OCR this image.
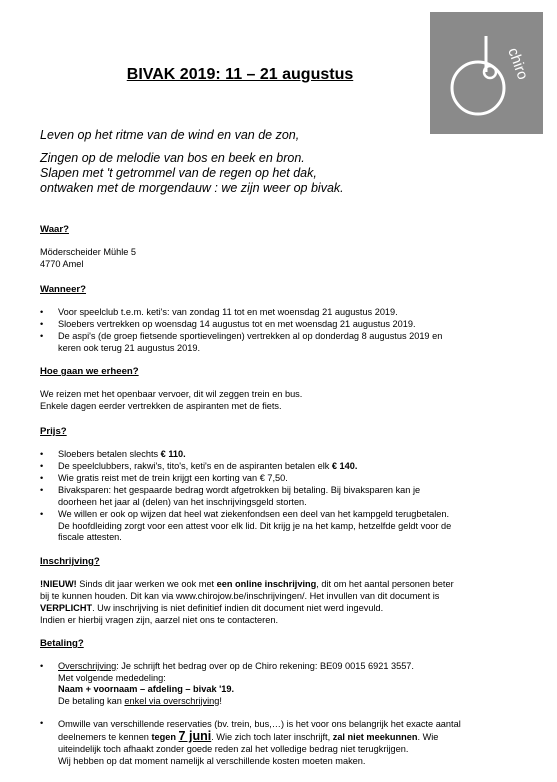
chiro
BIVAK 2019: 11 – 21 augustus
Leven op het ritme van de wind en van de zon,
Zingen op de melodie van bos en beek en bron.
Slapen met 't getrommel van de regen op het dak,
ontwaken met de morgendauw : we zijn weer op bivak.
Waar?
Möderscheider Mühle 5
4770 Amel
Wanneer?
• Voor speelclub t.e.m. keti's: van zondag 11 tot en met woensdag 21 augustus 2019.
• Sloebers vertrekken op woensdag 14 augustus tot en met woensdag 21 augustus 2019.
• De aspi's (de groep fietsende sportievelingen) vertrekken al op donderdag 8 augustus 2019 en
keren ook terug 21 augustus 2019.
Hoe gaan we erheen?
We reizen met het openbaar vervoer, dit wil zeggen trein en bus.
Enkele dagen eerder vertrekken de aspiranten met de fiets.
Prijs?
• Sloebers betalen slechts € 110.
• De speelclubbers, rakwi's, tito's, keti's en de aspiranten betalen elk € 140.
• Wie gratis reist met de trein krijgt een korting van € 7,50.
• Bivaksparen: het gespaarde bedrag wordt afgetrokken bij betaling. Bij bivaksparen kan je
doorheen het jaar al (delen) van het inschrijvingsgeld storten.
• We willen er ook op wijzen dat heel wat ziekenfondsen een deel van het kampgeld terugbetalen.
De hoofdleiding zorgt voor een attest voor elk lid. Dit krijg je na het kamp, hetzelfde geldt voor de
fiscale attesten.
Inschrijving?
!NIEUW! Sinds dit jaar werken we ook met een online inschrijving, dit om het aantal personen beter
bij te kunnen houden. Dit kan via www.chirojow.be/inschrijvingen/. Het invullen van dit document is
VERPLICHT. Uw inschrijving is niet definitief indien dit document niet werd ingevuld.
Indien er hierbij vragen zijn, aarzel niet ons te contacteren.
Betaling?
• Overschrijving: Je schrijft het bedrag over op de Chiro rekening: BE09 0015 6921 3557.
Met volgende mededeling:
Naam + voornaam – afdeling – bivak '19.
De betaling kan enkel via overschrijving!
• Omwille van verschillende reservaties (bv. trein, bus,…) is het voor ons belangrijk het exacte aantal
deelnemers te kennen tegen 7 juni. Wie zich toch later inschrijft, zal niet meekunnen. Wie
uiteindelijk toch afhaakt zonder goede reden zal het volledige bedrag niet terugkrijgen.
Wij hebben op dat moment namelijk al verschillende kosten moeten maken.
